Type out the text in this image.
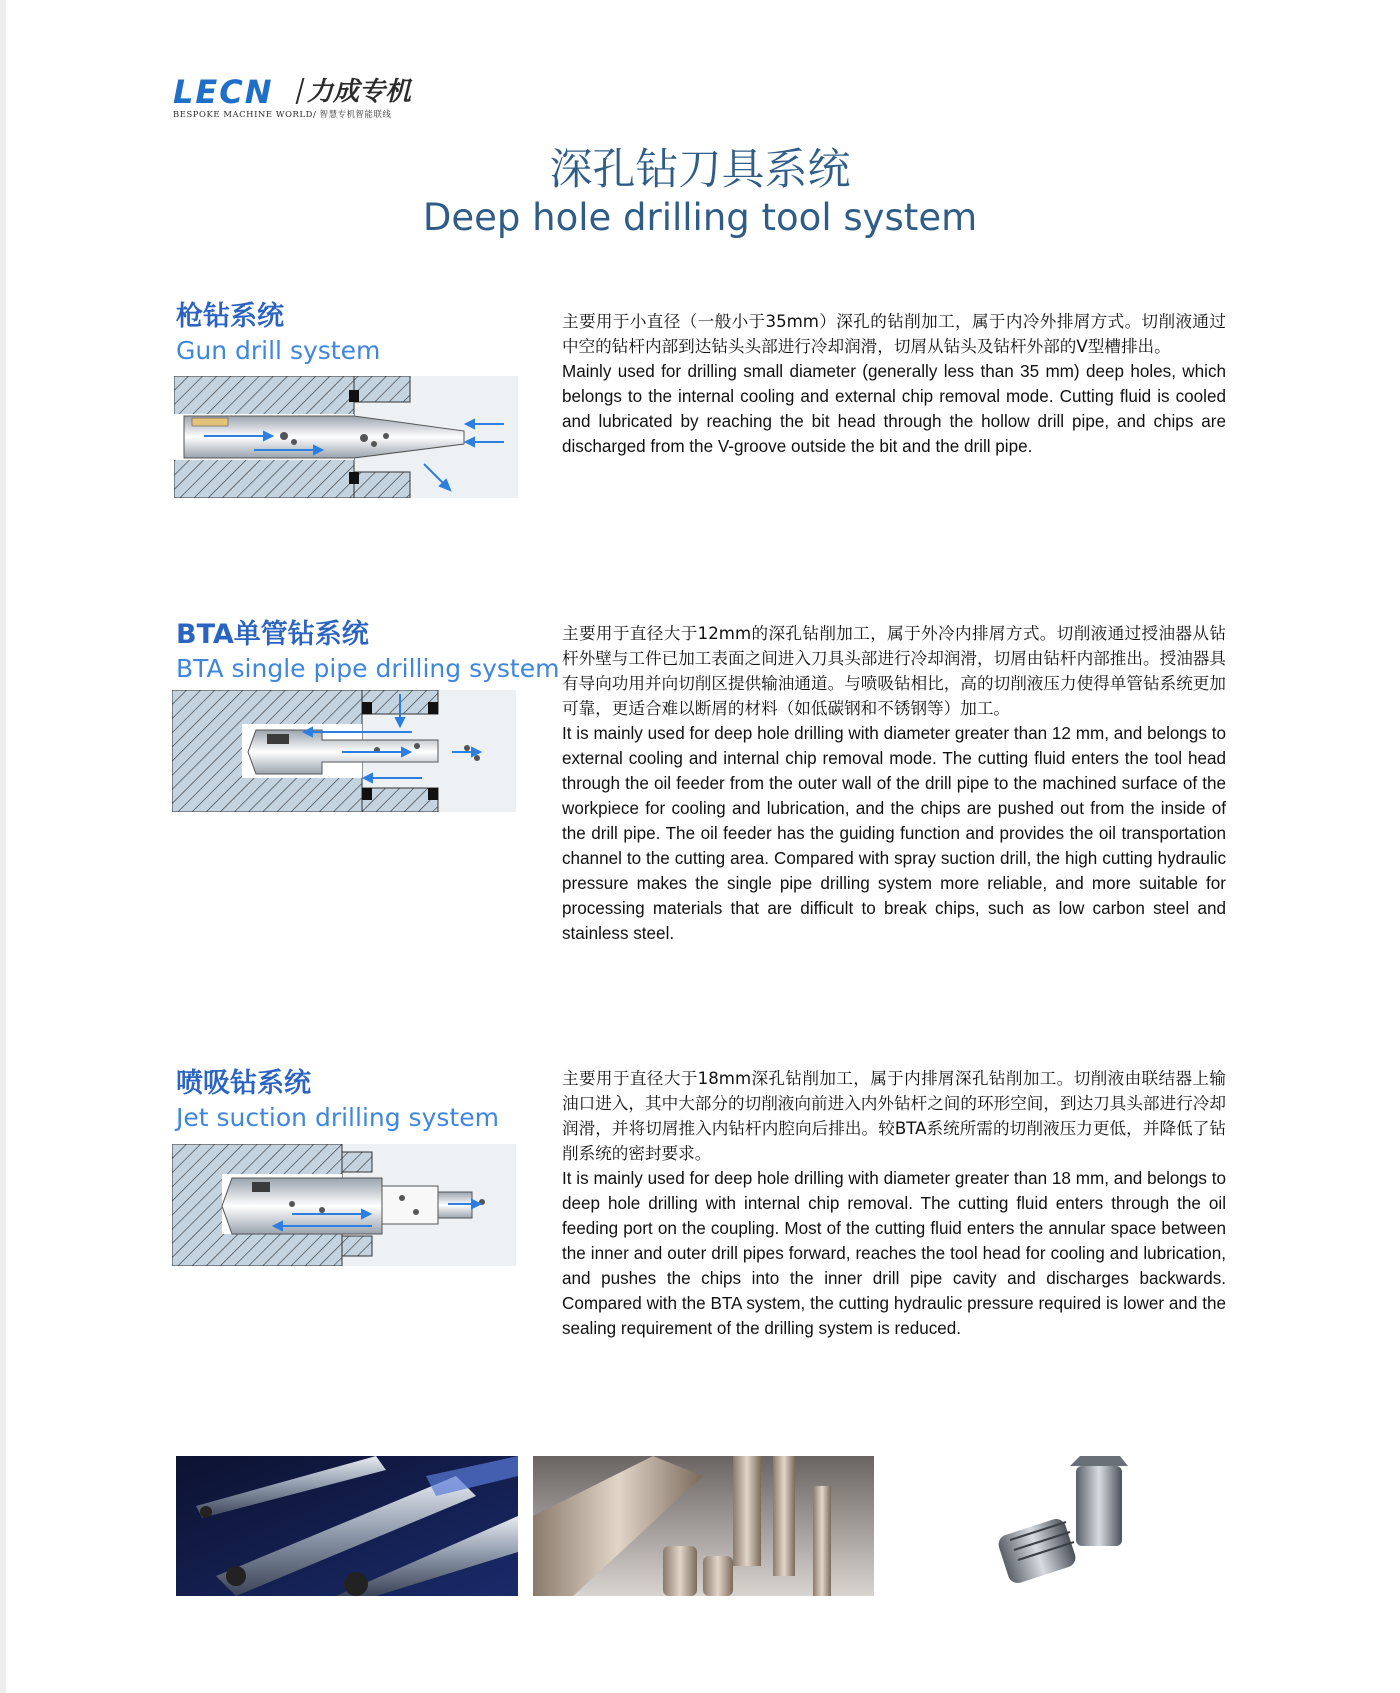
LECN 力成专机
BESPOKE MACHINE WORLD/ 智慧专机智能联线
深孔钻刀具系统
Deep hole drilling tool system
枪钻系统
Gun drill system

主要用于小直径（一般小于35mm）深孔的钻削加工，属于内冷外排屑方式。切削液通过中空的钻杆内部到达钻头头部进行冷却润滑，切屑从钻头及钻杆外部的V型槽排出。

Mainly used for drilling small diameter (generally less than 35 mm) deep holes, which belongs to the internal cooling and external chip removal mode. Cutting fluid is cooled and lubricated by reaching the bit head through the hollow drill pipe, and chips are discharged from the V-groove outside the bit and the drill pipe.

BTA单管钻系统
BTA single pipe drilling system

主要用于直径大于12mm的深孔钻削加工，属于外冷内排屑方式。切削液通过授油器从钻杆外壁与工件已加工表面之间进入刀具头部进行冷却润滑，切屑由钻杆内部推出。授油器具有导向功用并向切削区提供输油通道。与喷吸钻相比，高的切削液压力使得单管钻系统更加可靠，更适合难以断屑的材料（如低碳钢和不锈钢等）加工。

It is mainly used for deep hole drilling with diameter greater than 12 mm, and belongs to external cooling and internal chip removal mode. The cutting fluid enters the tool head through the oil feeder from the outer wall of the drill pipe to the machined surface of the workpiece for cooling and lubrication, and the chips are pushed out from the inside of the drill pipe. The oil feeder has the guiding function and provides the oil transportation channel to the cutting area. Compared with spray suction drill, the high cutting hydraulic pressure makes the single pipe drilling system more reliable, and more suitable for processing materials that are difficult to break chips, such as low carbon steel and stainless steel.

喷吸钻系统
Jet suction drilling system

主要用于直径大于18mm深孔钻削加工，属于内排屑深孔钻削加工。切削液由联结器上输油口进入，其中大部分的切削液向前进入内外钻杆之间的环形空间，到达刀具头部进行冷却润滑，并将切屑推入内钻杆内腔向后排出。较BTA系统所需的切削液压力更低，并降低了钻削系统的密封要求。

It is mainly used for deep hole drilling with diameter greater than 18 mm, and belongs to deep hole drilling with internal chip removal. The cutting fluid enters through the oil feeding port on the coupling. Most of the cutting fluid enters the annular space between the inner and outer drill pipes forward, reaches the tool head for cooling and lubrication, and pushes the chips into the inner drill pipe cavity and discharges backwards. Compared with the BTA system, the cutting hydraulic pressure required is lower and the sealing requirement of the drilling system is reduced.
